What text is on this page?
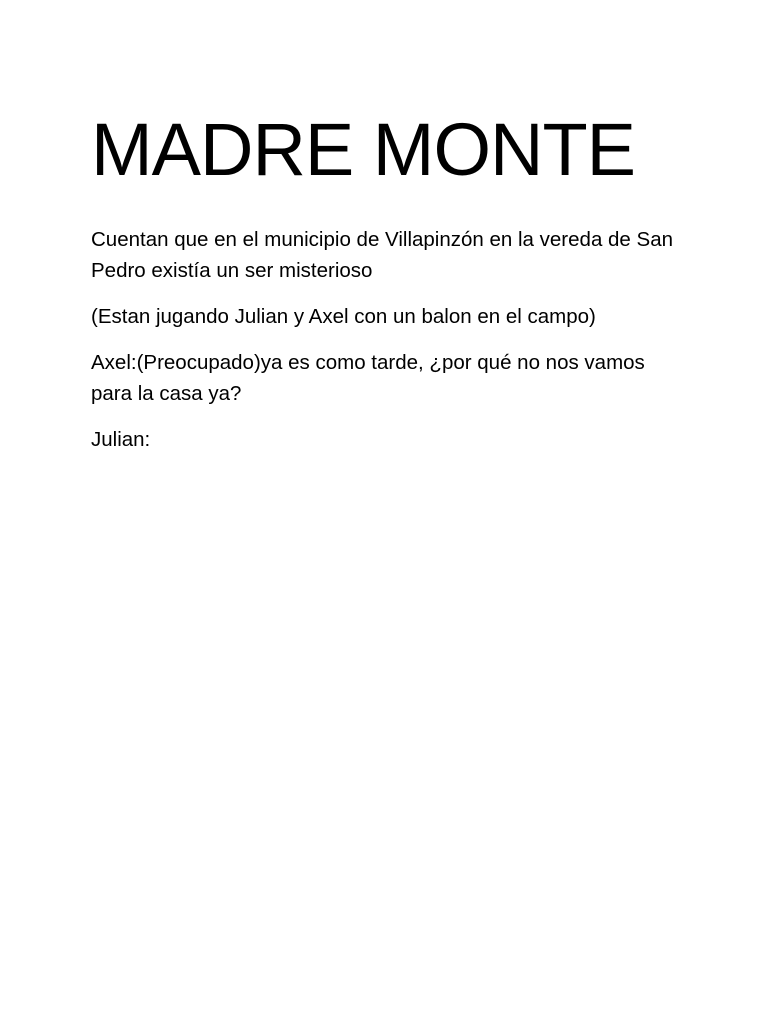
MADRE MONTE

Cuentan que en el municipio de Villapinzón en la vereda de San Pedro existía un ser misterioso

(Estan jugando Julian y Axel con un balon en el campo)

Axel:(Preocupado)ya es como tarde, ¿por qué no nos vamos para la casa ya?

Julian:
